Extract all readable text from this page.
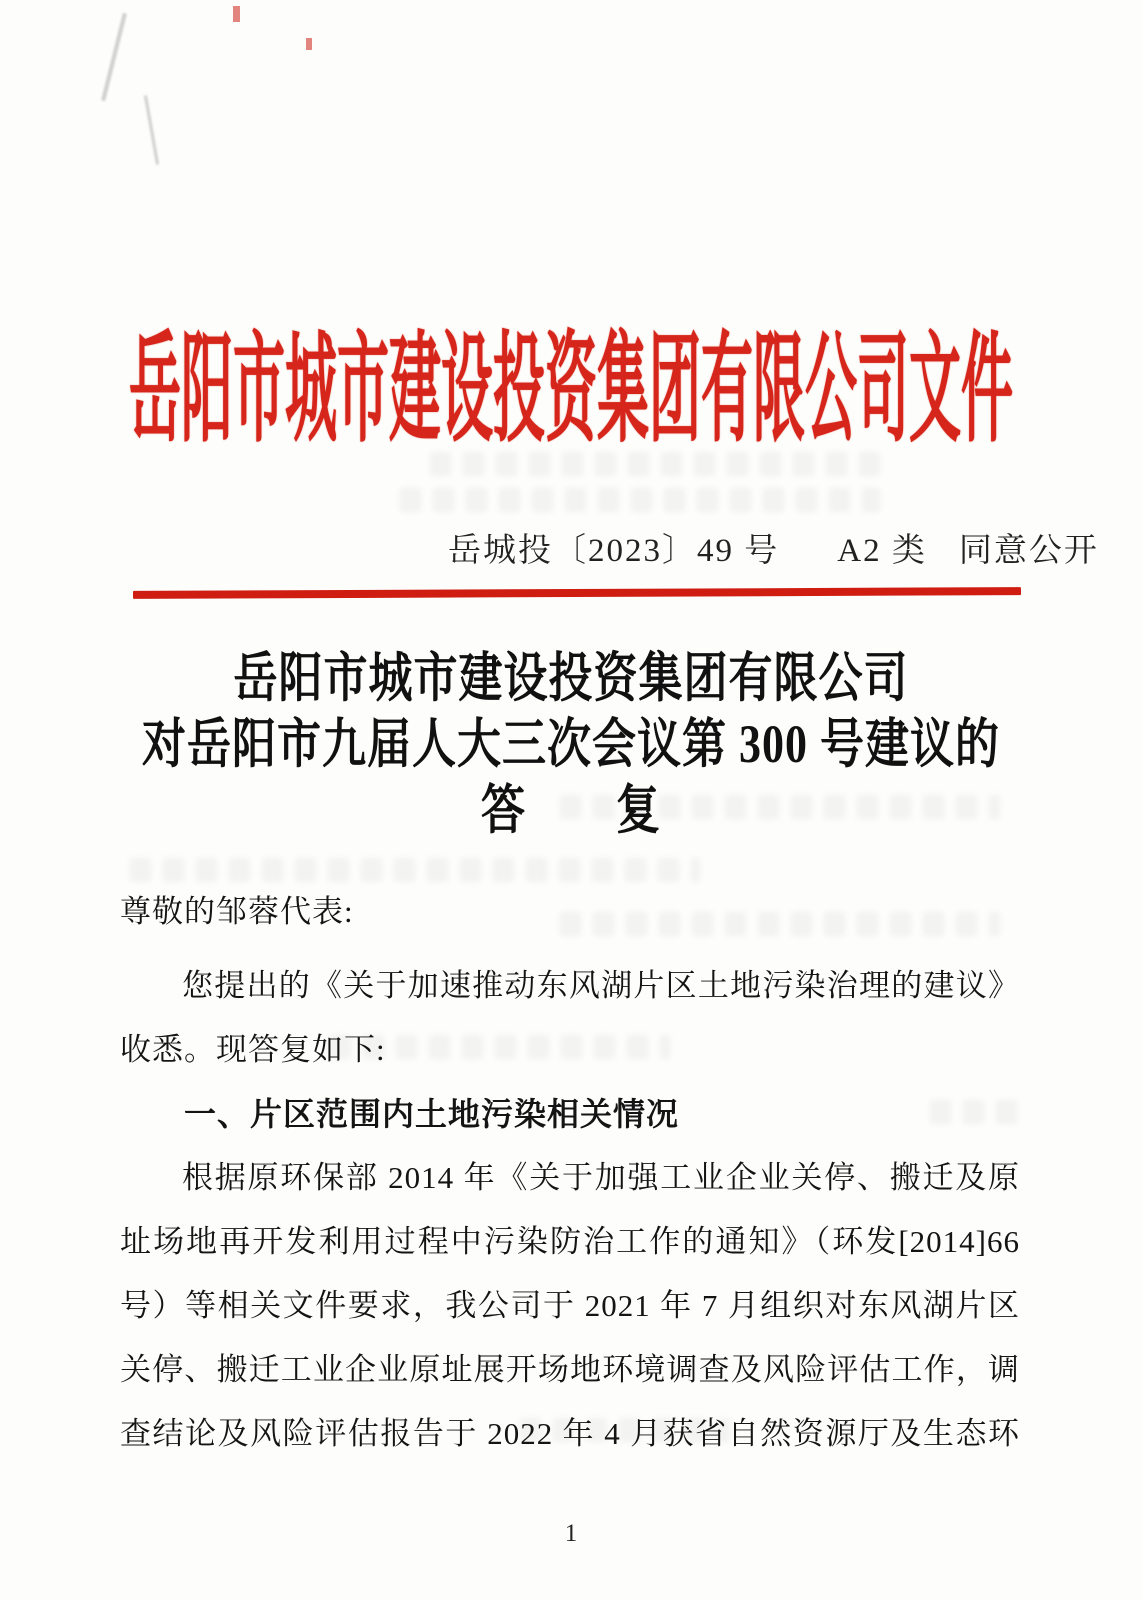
岳阳市城市建设投资集团有限公司文件
岳城投〔2023〕49 号 A2 类 同意公开
岳阳市城市建设投资集团有限公司
对岳阳市九届人大三次会议第 300 号建议的
答　　复
尊敬的邹蓉代表:
您提出的《关于加速推动东风湖片区土地污染治理的建议》
收悉。现答复如下:
一、片区范围内土地污染相关情况
根据原环保部 2014 年《关于加强工业企业关停、搬迁及原
址场地再开发利用过程中污染防治工作的通知》（环发[2014]66
号）等相关文件要求，我公司于 2021 年 7 月组织对东风湖片区
关停、搬迁工业企业原址展开场地环境调查及风险评估工作，调
查结论及风险评估报告于 2022 年 4 月获省自然资源厅及生态环
1
